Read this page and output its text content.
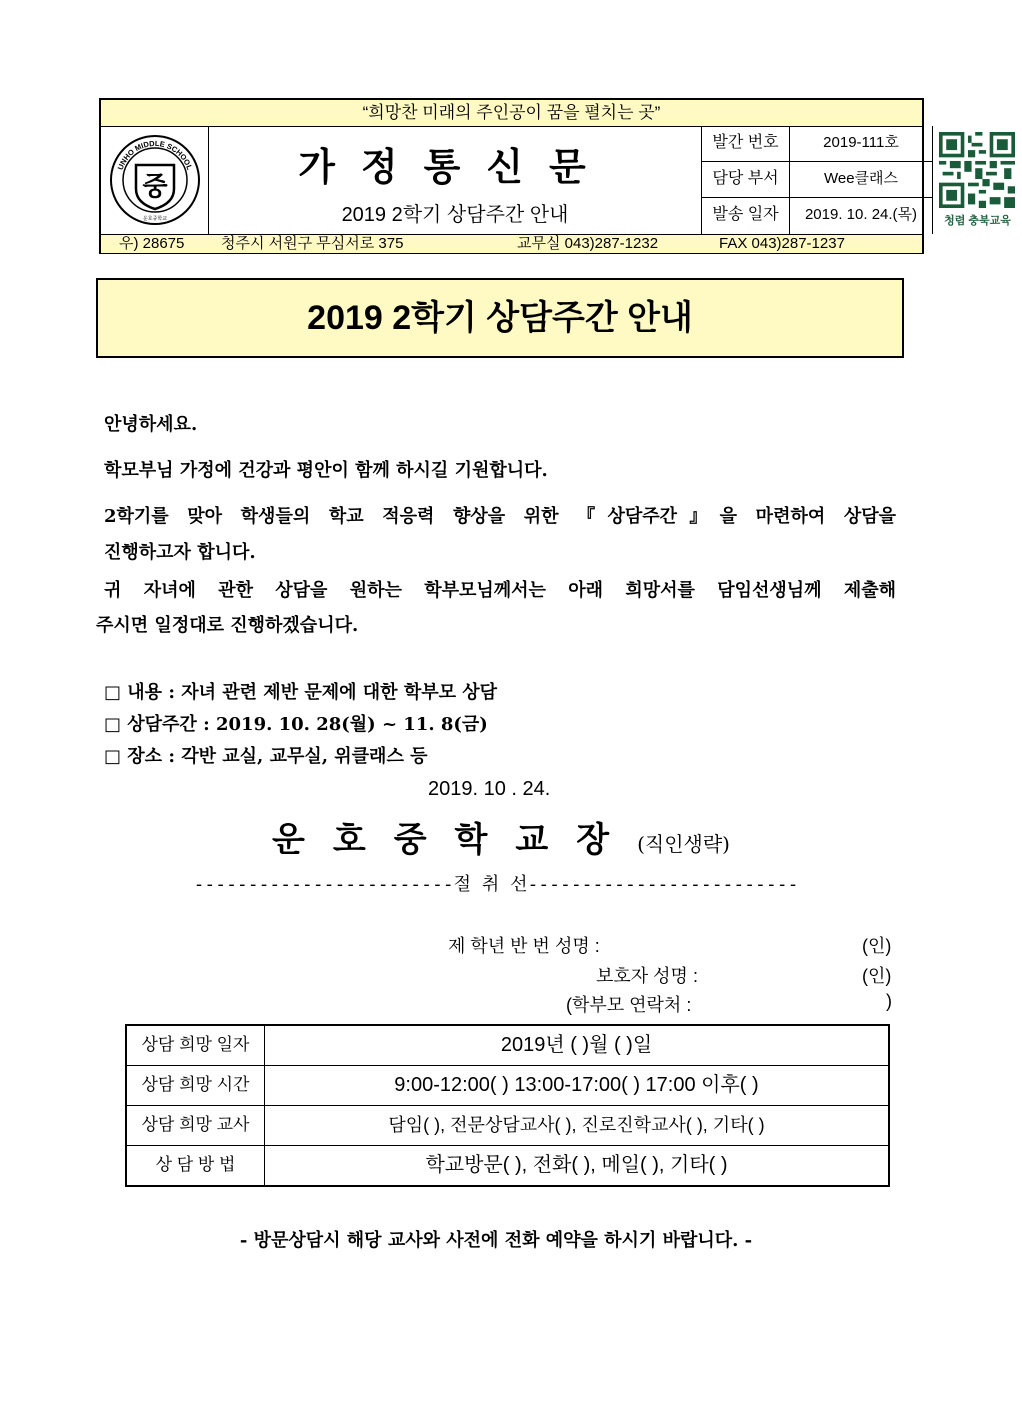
“희망찬 미래의 주인공이 꿈을 펼치는 곳”
UNHO MIDDLE SCHOOL
중
운호중학교
가정통신문
2019 2학기 상담주간 안내
발간 번호	2019-111호
담당 부서	Wee클래스
발송 일자	2019. 10. 24.(목)	청렴 충북교육
우) 28675 청주시 서원구 무심서로 375	교무실 043)287-1232	FAX 043)287-1237
2019 2학기 상담주간 안내
안녕하세요.
학모부님 가정에 건강과 평안이 함께 하시길 기원합니다.
2학기를 맞아 학생들의 학교 적응력 향상을 위한 『상담주간』을 마련하여 상담을
진행하고자 합니다.
귀 자녀에 관한 상담을 원하는 학부모님께서는 아래 희망서를 담임선생님께 제출해
주시면 일정대로 진행하겠습니다.
□ 내용 : 자녀 관련 제반 문제에 대한 학부모 상담
□ 상담주간 : 2019. 10. 28(월) ~ 11. 8(금)
□ 장소 : 각반 교실, 교무실, 위클래스 등
2019. 10 . 24.
운호중학교장(직인생략)
------------------------절 취 선-------------------------
제 학년 반 번 성명 :	(인)
보호자 성명 :	(인)
(학부모 연락처 :	)
상담 희망 일자	2019년 ( )월 ( )일
상담 희망 시간	9:00-12:00( ) 13:00-17:00( ) 17:00 이후( )
상담 희망 교사	담임( ), 전문상담교사( ), 진로진학교사( ), 기타( )
상 담 방 법	학교방문( ), 전화( ), 메일( ), 기타( )
- 방문상담시 해당 교사와 사전에 전화 예약을 하시기 바랍니다. -
